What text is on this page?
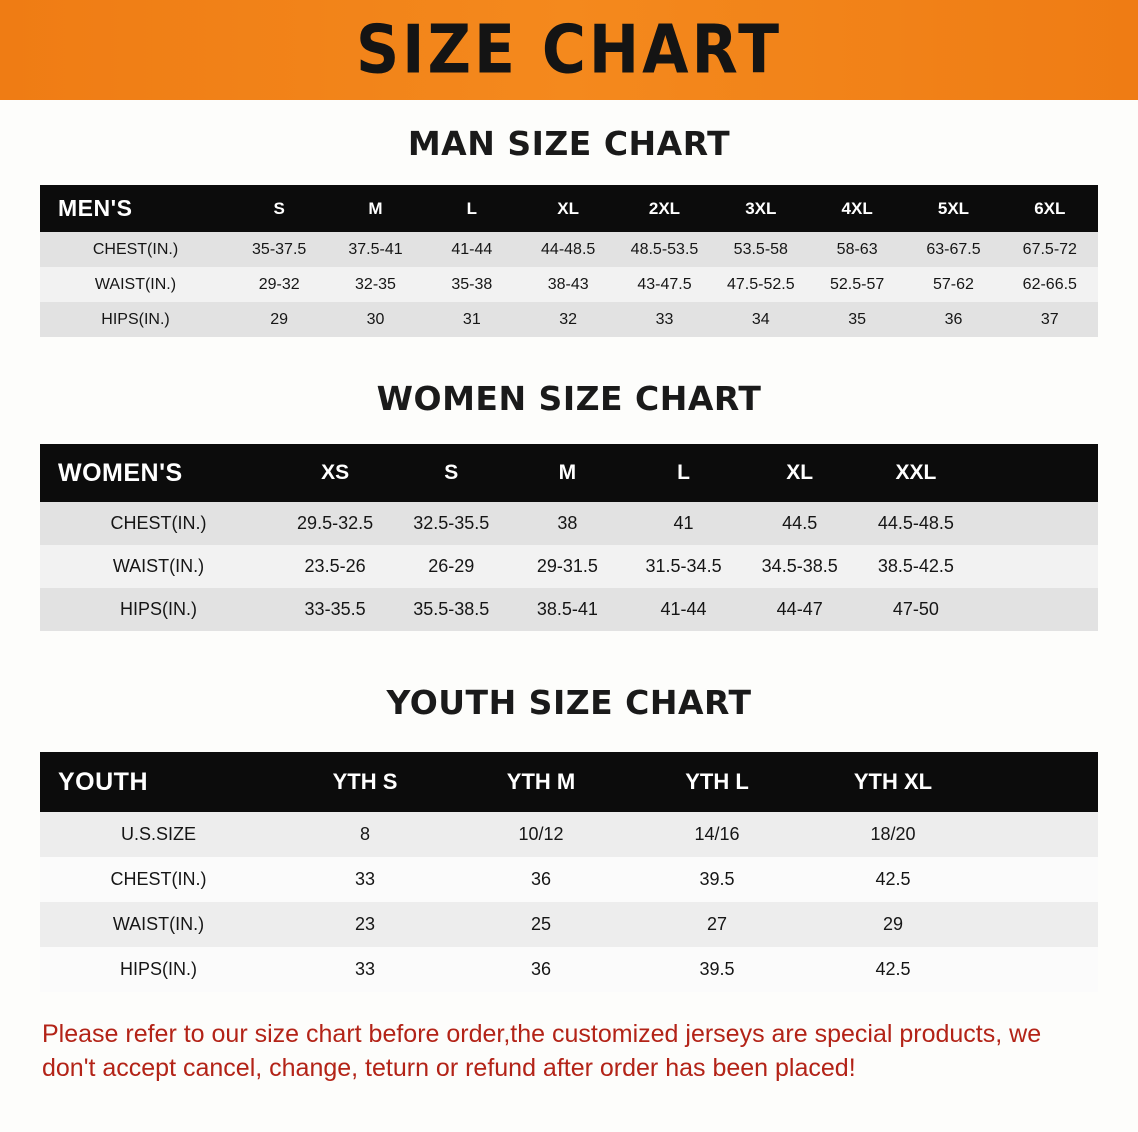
SIZE CHART
MAN SIZE CHART
MEN'S	S	M	L	XL	2XL	3XL	4XL	5XL	6XL
CHEST(IN.)	35-37.5	37.5-41	41-44	44-48.5	48.5-53.5	53.5-58	58-63	63-67.5	67.5-72
WAIST(IN.)	29-32	32-35	35-38	38-43	43-47.5	47.5-52.5	52.5-57	57-62	62-66.5
HIPS(IN.)	29	30	31	32	33	34	35	36	37
WOMEN SIZE CHART
WOMEN'S	XS	S	M	L	XL	XXL	
CHEST(IN.)	29.5-32.5	32.5-35.5	38	41	44.5	44.5-48.5	
WAIST(IN.)	23.5-26	26-29	29-31.5	31.5-34.5	34.5-38.5	38.5-42.5	
HIPS(IN.)	33-35.5	35.5-38.5	38.5-41	41-44	44-47	47-50	
YOUTH SIZE CHART
YOUTH	YTH S	YTH M	YTH L	YTH XL	
U.S.SIZE	8	10/12	14/16	18/20	
CHEST(IN.)	33	36	39.5	42.5	
WAIST(IN.)	23	25	27	29	
HIPS(IN.)	33	36	39.5	42.5	

Please refer to our size chart before order,the customized jerseys are special products, we don't accept cancel, change, teturn or refund after order has been placed!
